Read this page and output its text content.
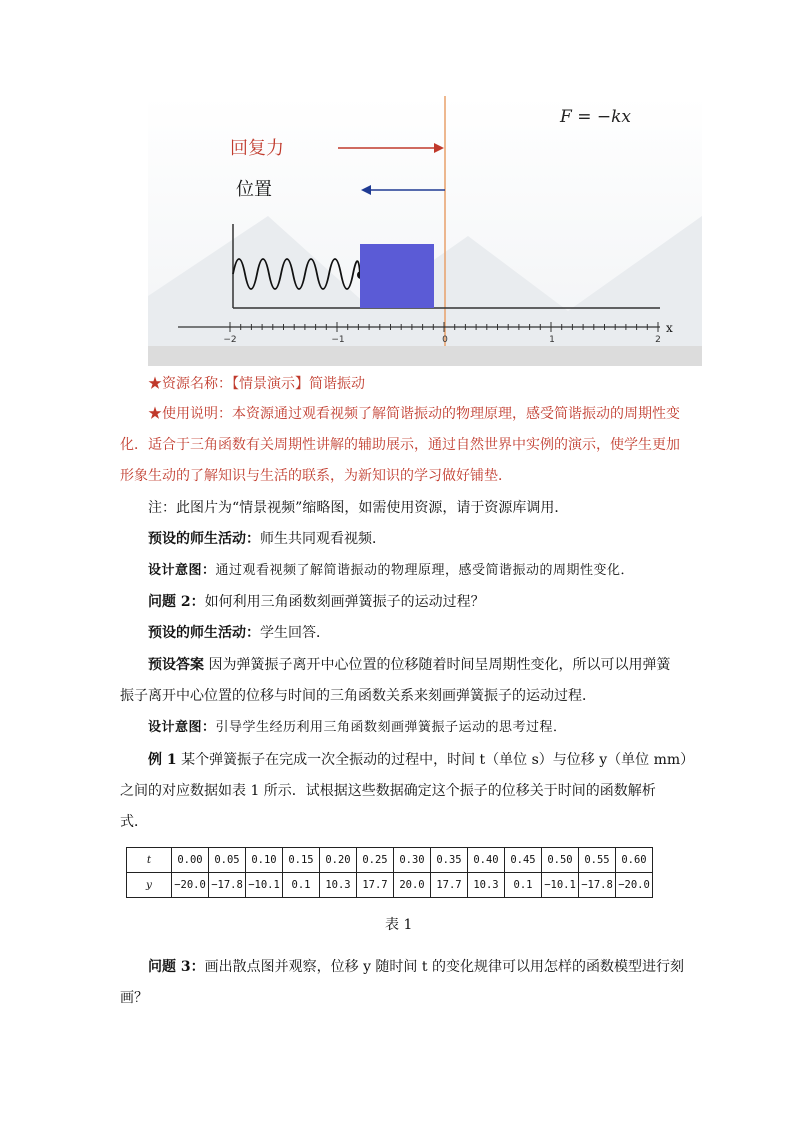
F = −kx
回复力
位置
x
−2	−1	0	1	2
★资源名称：【情景演示】简谐振动
★使用说明：本资源通过观看视频了解简谐振动的物理原理，感受简谐振动的周期性变
化．适合于三角函数有关周期性讲解的辅助展示，通过自然世界中实例的演示，使学生更加
形象生动的了解知识与生活的联系，为新知识的学习做好铺垫．
注：此图片为“情景视频”缩略图，如需使用资源，请于资源库调用．
预设的师生活动：师生共同观看视频．
设计意图：通过观看视频了解简谐振动的物理原理，感受简谐振动的周期性变化．
问题 2：如何利用三角函数刻画弹簧振子的运动过程？
预设的师生活动：学生回答．
预设答案 因为弹簧振子离开中心位置的位移随着时间呈周期性变化，所以可以用弹簧
振子离开中心位置的位移与时间的三角函数关系来刻画弹簧振子的运动过程．
设计意图：引导学生经历利用三角函数刻画弹簧振子运动的思考过程．
例 1 某个弹簧振子在完成一次全振动的过程中，时间 t（单位 s）与位移 y（单位 mm）
之间的对应数据如表 1 所示．试根据这些数据确定这个振子的位移关于时间的函数解析
式．
t	0.00	0.05	0.10	0.15	0.20	0.25	0.30	0.35	0.40	0.45	0.50	0.55	0.60
y	−20.0	−17.8	−10.1	0.1	10.3	17.7	20.0	17.7	10.3	0.1	−10.1	−17.8	−20.0
表 1
问题 3：画出散点图并观察，位移 y 随时间 t 的变化规律可以用怎样的函数模型进行刻
画？
